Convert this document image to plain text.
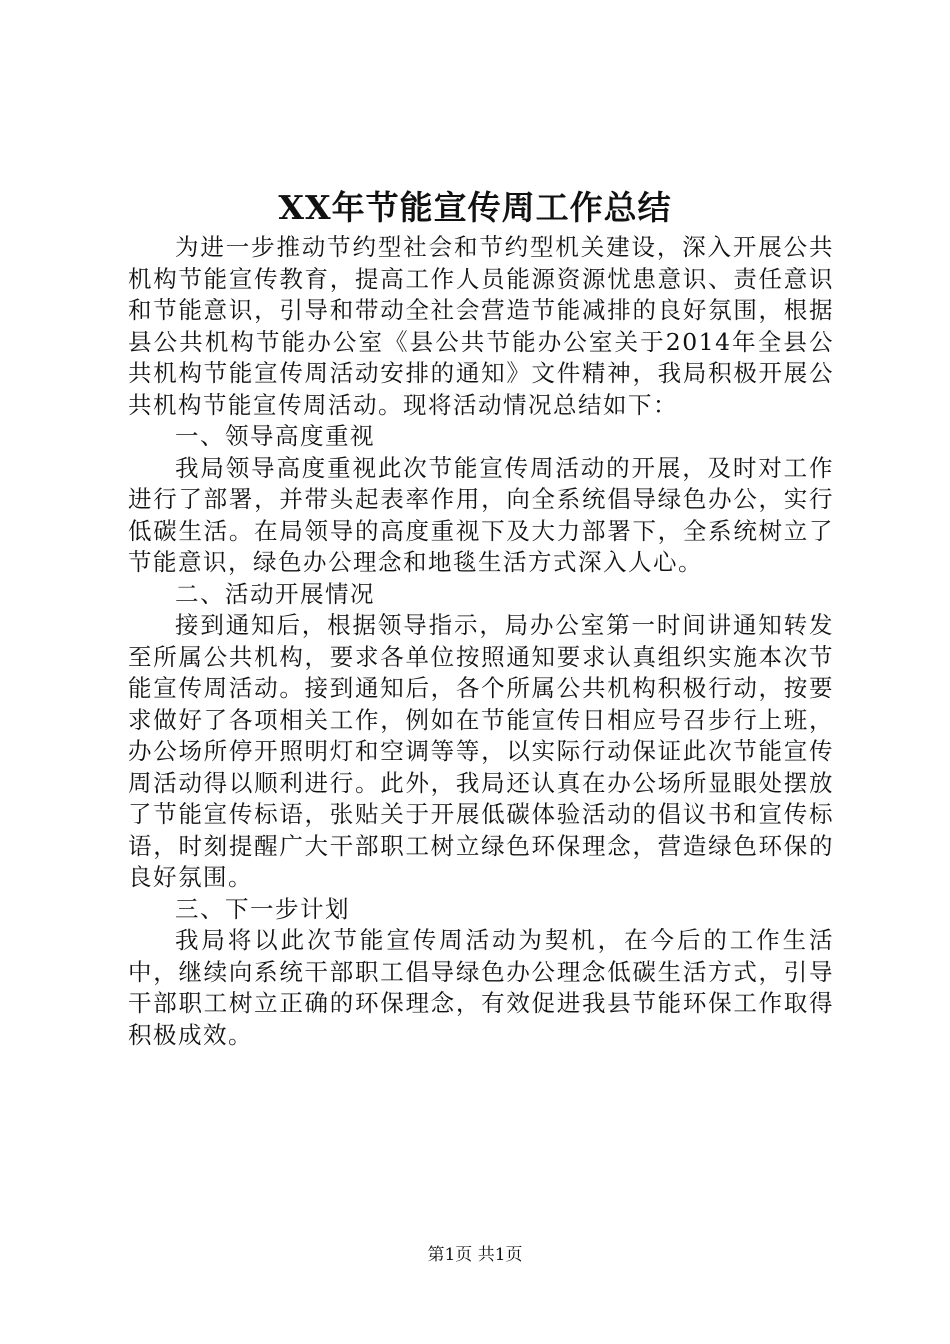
XX年节能宣传周工作总结

为进一步推动节约型社会和节约型机关建设，深入开展公共机构节能宣传教育，提高工作人员能源资源忧患意识、责任意识和节能意识，引导和带动全社会营造节能减排的良好氛围，根据县公共机构节能办公室《县公共节能办公室关于2014年全县公共机构节能宣传周活动安排的通知》文件精神，我局积极开展公共机构节能宣传周活动。现将活动情况总结如下：

一、领导高度重视

我局领导高度重视此次节能宣传周活动的开展，及时对工作进行了部署，并带头起表率作用，向全系统倡导绿色办公，实行低碳生活。在局领导的高度重视下及大力部署下，全系统树立了节能意识，绿色办公理念和地毯生活方式深入人心。

二、活动开展情况

接到通知后，根据领导指示，局办公室第一时间讲通知转发至所属公共机构，要求各单位按照通知要求认真组织实施本次节能宣传周活动。接到通知后，各个所属公共机构积极行动，按要求做好了各项相关工作，例如在节能宣传日相应号召步行上班，办公场所停开照明灯和空调等等，以实际行动保证此次节能宣传周活动得以顺利进行。此外，我局还认真在办公场所显眼处摆放了节能宣传标语，张贴关于开展低碳体验活动的倡议书和宣传标语，时刻提醒广大干部职工树立绿色环保理念，营造绿色环保的良好氛围。

三、下一步计划

我局将以此次节能宣传周活动为契机，在今后的工作生活中，继续向系统干部职工倡导绿色办公理念低碳生活方式，引导干部职工树立正确的环保理念，有效促进我县节能环保工作取得积极成效。

第1页 共1页
